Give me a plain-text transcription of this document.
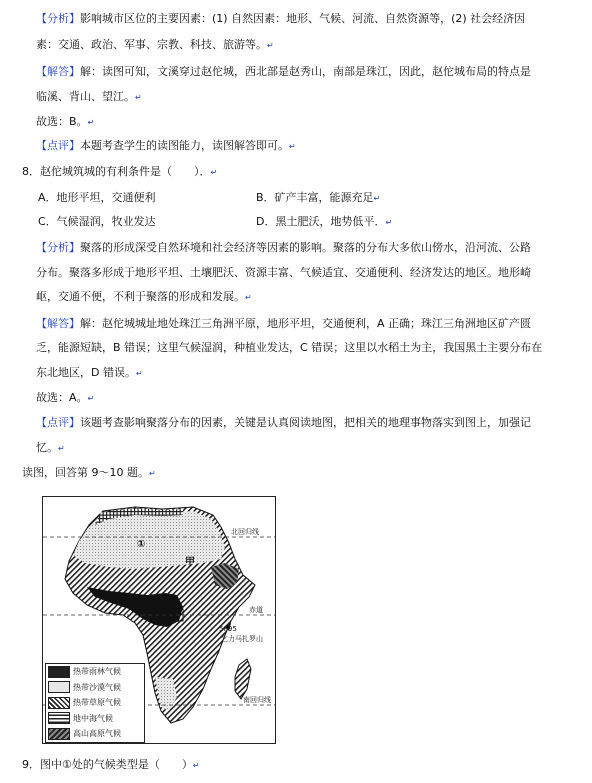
【分析】影响城市区位的主要因素：(1) 自然因素：地形、气候、河流、自然资源等，(2) 社会经济因
素：交通、政治、军事、宗教、科技、旅游等。↵
【解答】解：读图可知，文溪穿过赵佗城，西北部是赵秀山，南部是珠江，因此，赵佗城布局的特点是
临溪、背山、望江。↵
故选：B。↵
【点评】本题考查学生的读图能力，读图解答即可。↵
8．赵佗城筑城的有利条件是（　　）．↵
A．地形平坦，交通便利	B．矿产丰富，能源充足↵
C．气候湿润，牧业发达	D．黑土肥沃，地势低平．↵
【分析】聚落的形成深受自然环境和社会经济等因素的影响。聚落的分布大多依山傍水，沿河流、公路
分布。聚落多形成于地形平坦、土壤肥沃、资源丰富、气候适宜、交通便利、经济发达的地区。地形崎
岖，交通不便，不利于聚落的形成和发展。↵
【解答】解：赵佗城城址地处珠江三角洲平原，地形平坦，交通便利，A 正确；珠江三角洲地区矿产匮
乏，能源短缺，B 错误；这里气候湿润，种植业发达，C 错误；这里以水稻土为主，我国黑土主要分布在
东北地区，D 错误。↵
故选：A。↵
【点评】该题考查影响聚落分布的因素，关键是认真阅读地图，把相关的地理事物落实到图上，加强记
忆。↵
读图，回答第 9～10 题。↵
北回归线
赤道
南回归线
5895
乞力马扎罗山
①
甲
热带雨林气候
热带沙漠气候
热带草原气候
地中海气候
高山高原气候
9．图中①处的气候类型是（　　）↵
